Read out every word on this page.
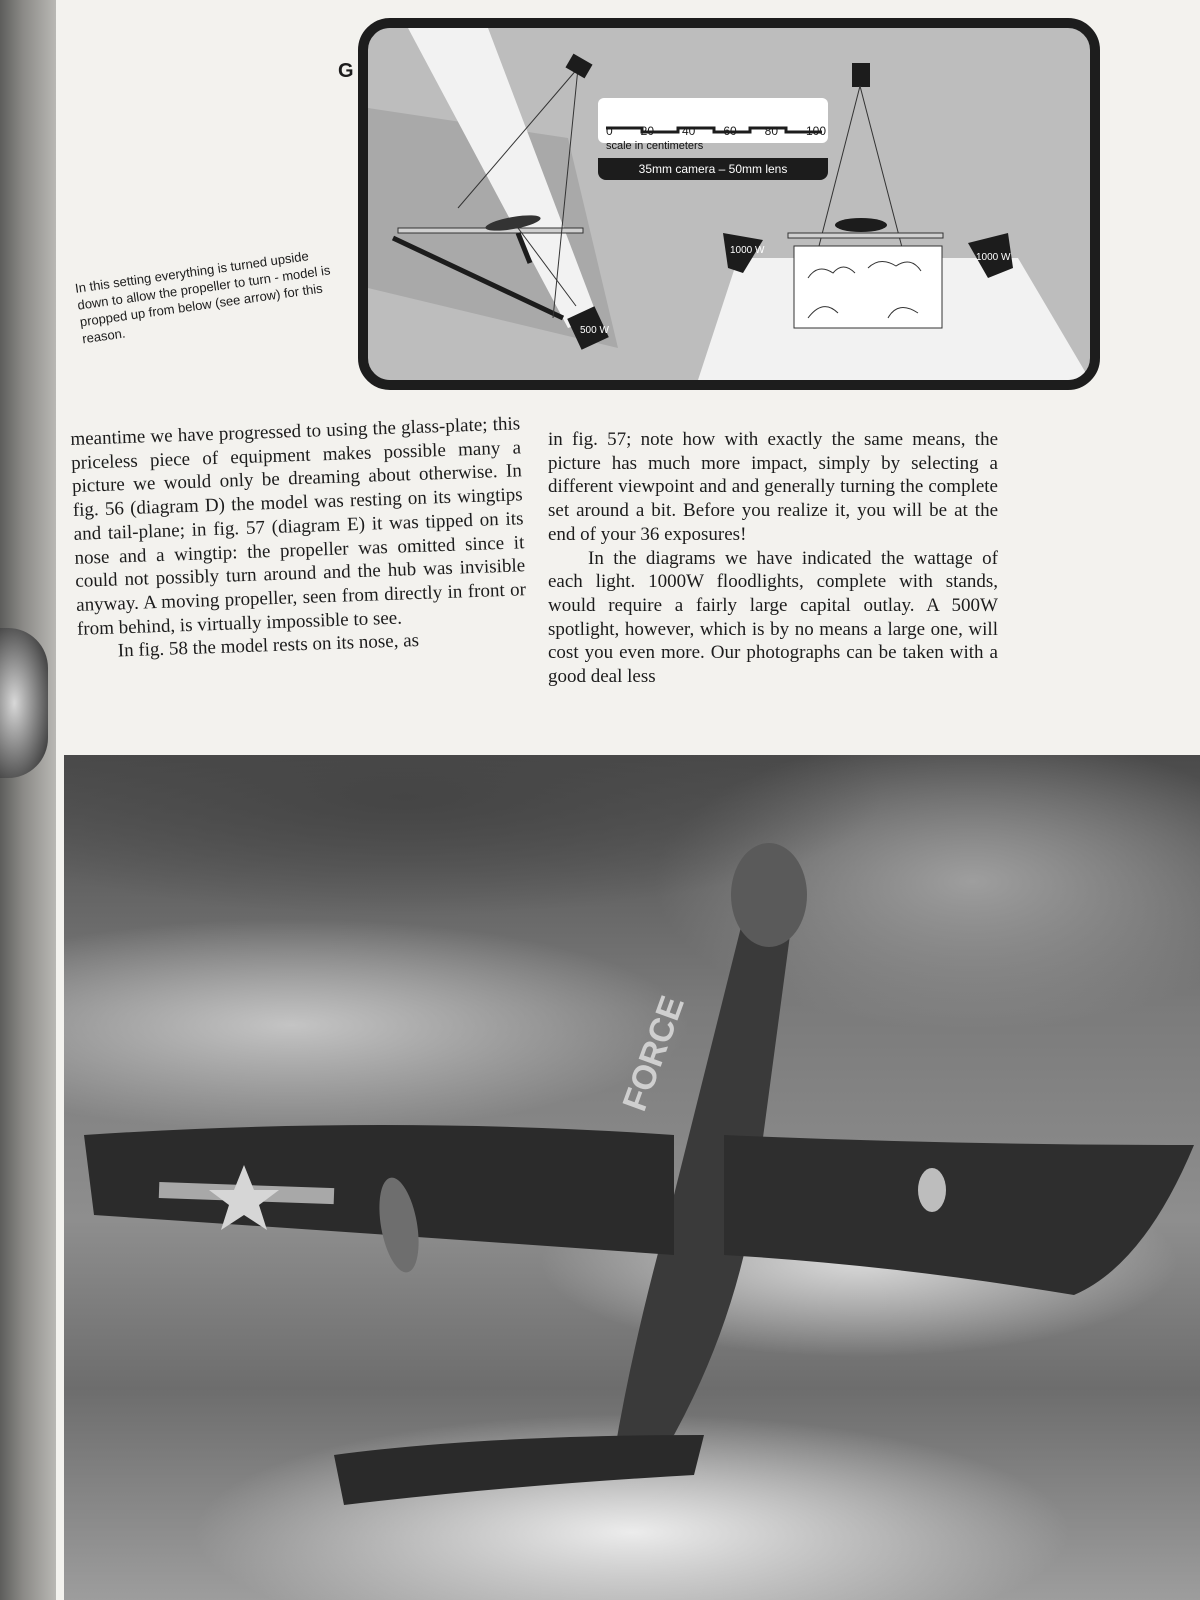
G
In this setting everything is turned upside down to allow the propeller to turn - model is propped up from below (see arrow) for this reason.	500 W
1000 W
1000 W
0 20 40 60 80 100
scale in centimeters
35mm camera – 50mm lens

meantime we have progressed to using the glass-plate; this priceless piece of equipment makes possible many a picture we would only be dreaming about otherwise. In fig. 56 (diagram D) the model was resting on its wingtips and tail-plane; in fig. 57 (diagram E) it was tipped on its nose and a wingtip: the propeller was omitted since it could not possibly turn around and the hub was invisible anyway. A moving propeller, seen from directly in front or from behind, is virtually impossible to see.

In fig. 58 the model rests on its nose, as

in fig. 57; note how with exactly the same means, the picture has much more impact, simply by selecting a different viewpoint and and generally turning the complete set around a bit. Before you realize it, you will be at the end of your 36 exposures!

In the diagrams we have indicated the wattage of each light. 1000W floodlights, complete with stands, would require a fairly large capital outlay. A 500W spotlight, however, which is by no means a large one, will cost you even more. Our photographs can be taken with a good deal less

FORCE
